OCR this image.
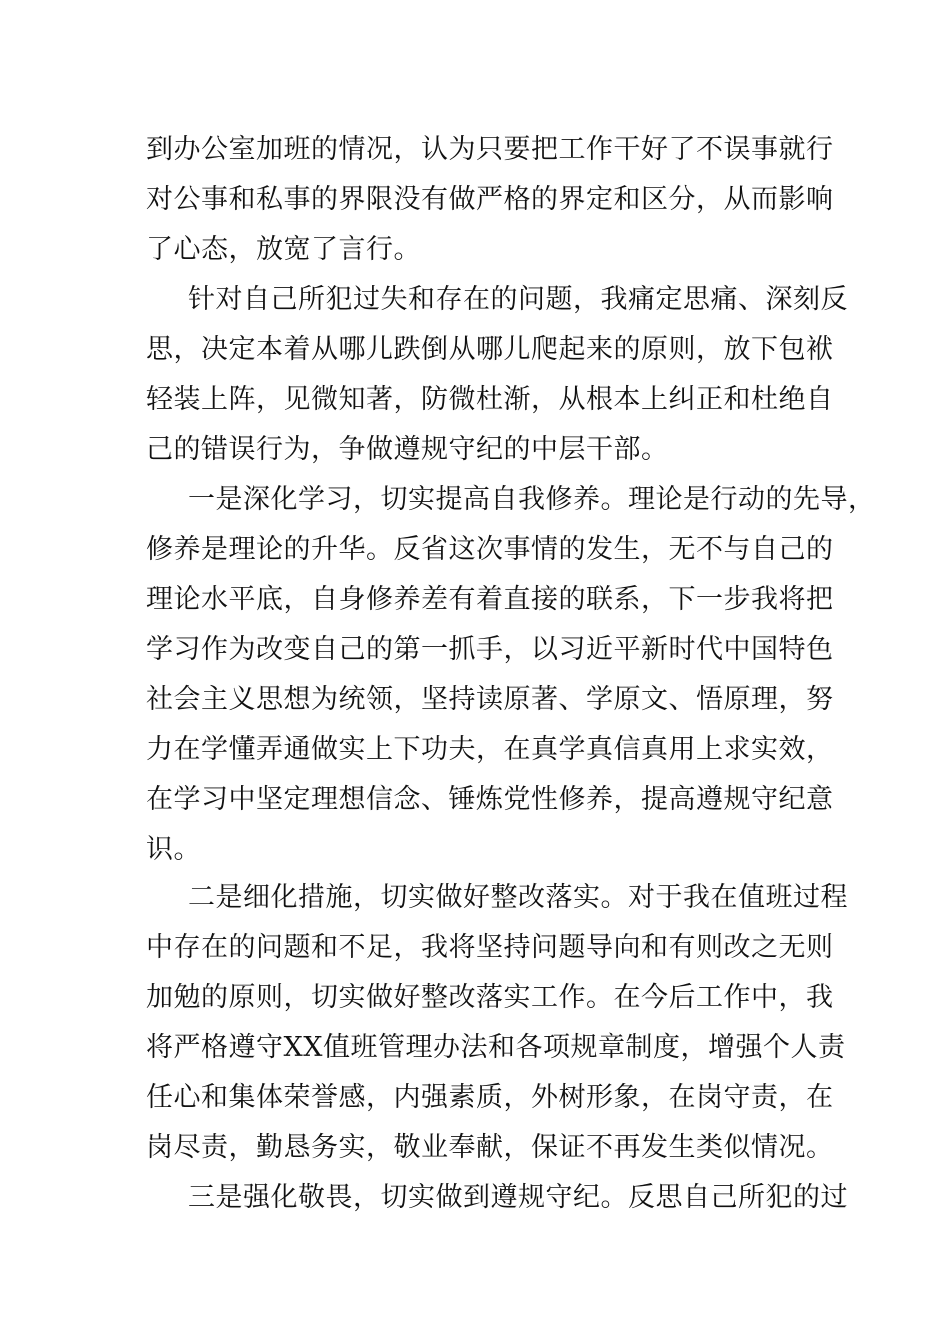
到办公室加班的情况，认为只要把工作干好了不误事就行
对公事和私事的界限没有做严格的界定和区分，从而影响
了心态，放宽了言行。
针对自己所犯过失和存在的问题，我痛定思痛、深刻反
思，决定本着从哪儿跌倒从哪儿爬起来的原则，放下包袱
轻装上阵，见微知著，防微杜渐，从根本上纠正和杜绝自
己的错误行为，争做遵规守纪的中层干部。
一是深化学习，切实提高自我修养。理论是行动的先导，
修养是理论的升华。反省这次事情的发生，无不与自己的
理论水平底，自身修养差有着直接的联系，下一步我将把
学习作为改变自己的第一抓手，以习近平新时代中国特色
社会主义思想为统领，坚持读原著、学原文、悟原理，努
力在学懂弄通做实上下功夫，在真学真信真用上求实效，
在学习中坚定理想信念、锤炼党性修养，提高遵规守纪意
识。
二是细化措施，切实做好整改落实。对于我在值班过程
中存在的问题和不足，我将坚持问题导向和有则改之无则
加勉的原则，切实做好整改落实工作。在今后工作中，我
将严格遵守XX值班管理办法和各项规章制度，增强个人责
任心和集体荣誉感，内强素质，外树形象，在岗守责，在
岗尽责，勤恳务实，敬业奉献，保证不再发生类似情况。
三是强化敬畏，切实做到遵规守纪。反思自己所犯的过
